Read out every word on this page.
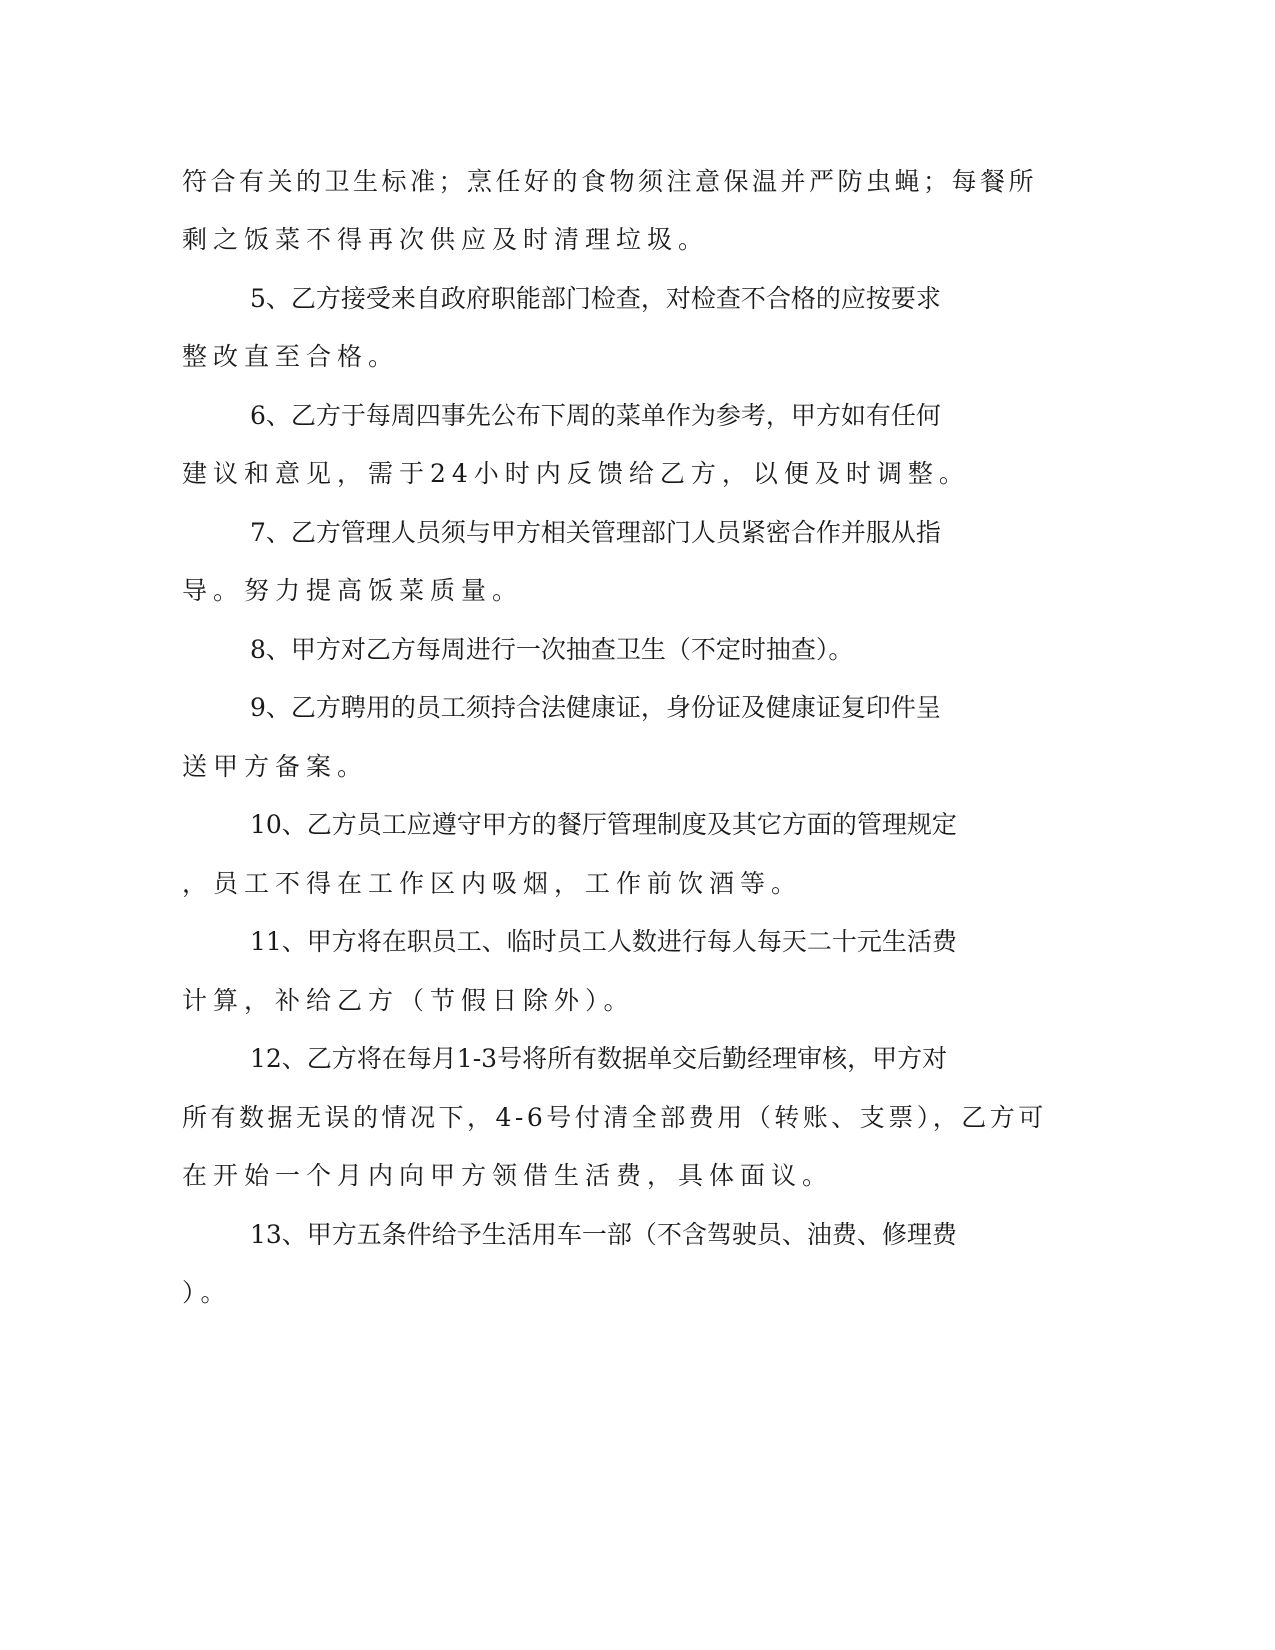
符合有关的卫生标准；烹任好的食物须注意保温并严防虫蝇；每餐所

剩之饭菜不得再次供应及时清理垃圾。

5、乙方接受来自政府职能部门检查，对检查不合格的应按要求

整改直至合格。

6、乙方于每周四事先公布下周的菜单作为参考，甲方如有任何

建议和意见，需于24小时内反馈给乙方，以便及时调整。

7、乙方管理人员须与甲方相关管理部门人员紧密合作并服从指

导。努力提高饭菜质量。

8、甲方对乙方每周进行一次抽查卫生（不定时抽查）。

9、乙方聘用的员工须持合法健康证，身份证及健康证复印件呈

送甲方备案。

10、乙方员工应遵守甲方的餐厅管理制度及其它方面的管理规定

，员工不得在工作区内吸烟，工作前饮酒等。

11、甲方将在职员工、临时员工人数进行每人每天二十元生活费

计算，补给乙方（节假日除外）。

12、乙方将在每月1-3号将所有数据单交后勤经理审核，甲方对

所有数据无误的情况下，4-6号付清全部费用（转账、支票），乙方可

在开始一个月内向甲方领借生活费，具体面议。

13、甲方五条件给予生活用车一部（不含驾驶员、油费、修理费

）。
